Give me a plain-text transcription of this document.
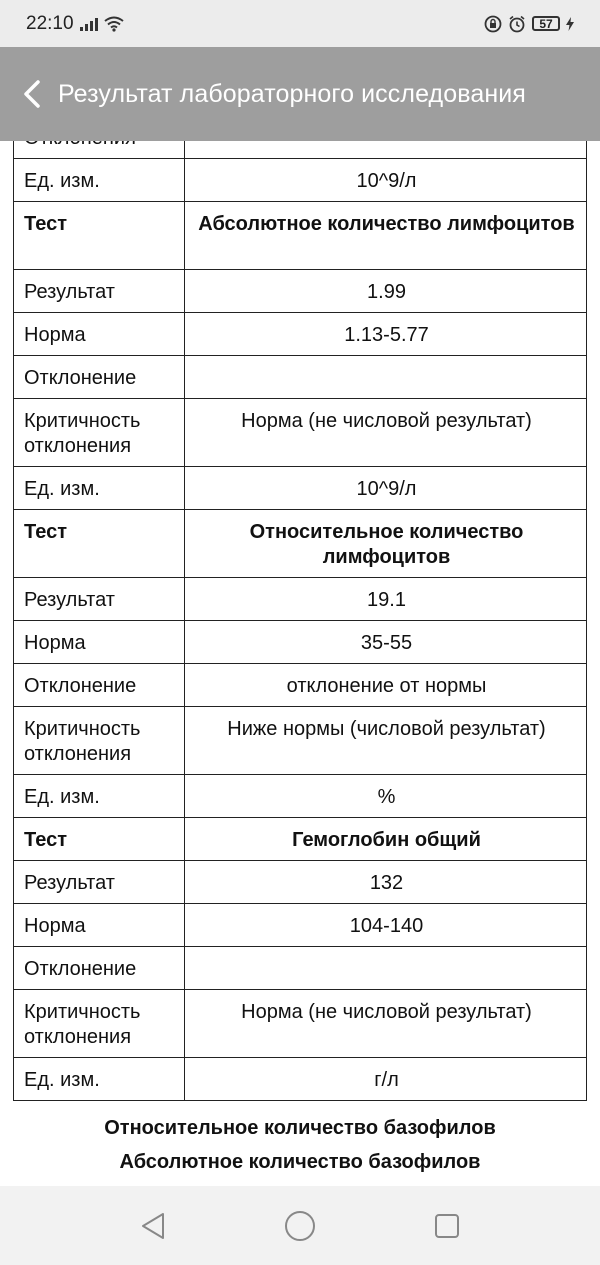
22:10	57
Результат лабораторного исследования

Ед. изм.	10^9/л
Тест	Абсолютное количество лимфоцитов
Результат	1.99
Норма	1.13-5.77
Отклонение	
Критичность отклонения	Норма (не числовой результат)
Ед. изм.	10^9/л
Тест	Относительное количество лимфоцитов
Результат	19.1
Норма	35-55
Отклонение	отклонение от нормы
Критичность отклонения	Ниже нормы (числовой результат)
Ед. изм.	%
Тест	Гемоглобин общий
Результат	132
Норма	104-140
Отклонение	
Критичность отклонения	Норма (не числовой результат)
Ед. изм.	г/л
Относительное количество базофилов
Абсолютное количество базофилов
